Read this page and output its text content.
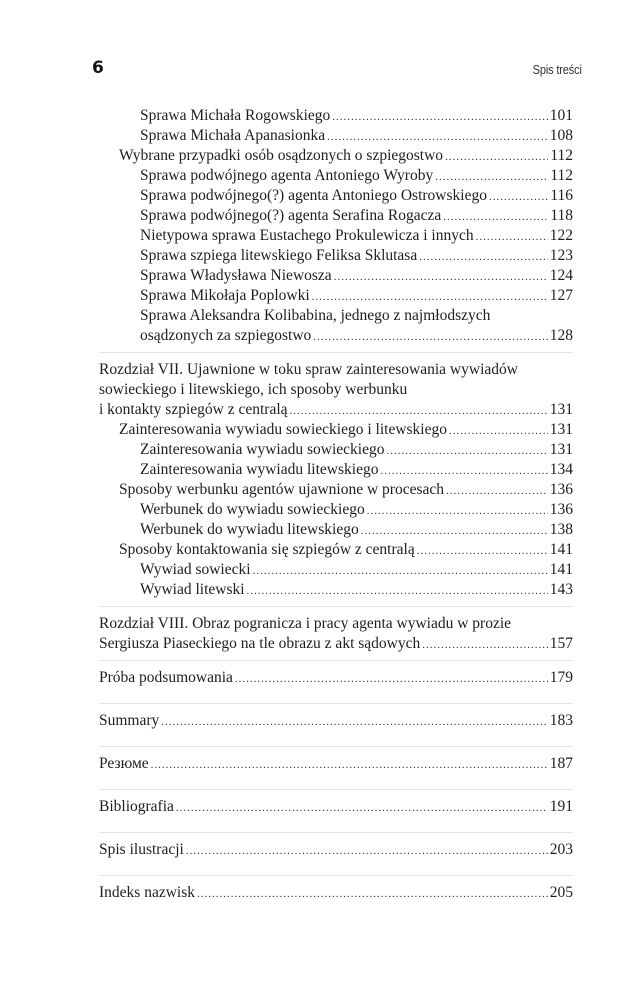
6	Spis treści
Sprawa Michała Rogowskiego .....	101
Sprawa Michała Apanasionka .....	108
Wybrane przypadki osób osądzonych o szpiegostwo .....	112
Sprawa podwójnego agenta Antoniego Wyroby .....	112
Sprawa podwójnego(?) agenta Antoniego Ostrowskiego .....	116
Sprawa podwójnego(?) agenta Serafina Rogacza .....	118
Nietypowa sprawa Eustachego Prokulewicza i innych .....	122
Sprawa szpiega litewskiego Feliksa Sklutasa .....	123
Sprawa Władysława Niewosza .....	124
Sprawa Mikołaja Poplowki .....	127
Sprawa Aleksandra Kolibabina, jednego z najmłodszych
osądzonych za szpiegostwo .....	128
Rozdział VII. Ujawnione w toku spraw zainteresowania wywiadów
sowieckiego i litewskiego, ich sposoby werbunku
i kontakty szpiegów z centralą .....	131
Zainteresowania wywiadu sowieckiego i litewskiego .....	131
Zainteresowania wywiadu sowieckiego .....	131
Zainteresowania wywiadu litewskiego .....	134
Sposoby werbunku agentów ujawnione w procesach .....	136
Werbunek do wywiadu sowieckiego .....	136
Werbunek do wywiadu litewskiego .....	138
Sposoby kontaktowania się szpiegów z centralą .....	141
Wywiad sowiecki .....	141
Wywiad litewski .....	143
Rozdział VIII. Obraz pogranicza i pracy agenta wywiadu w prozie
Sergiusza Piaseckiego na tle obrazu z akt sądowych .....	157
Próba podsumowania .....	179
Summary .....	183
Резюме .....	187
Bibliografia .....	191
Spis ilustracji .....	203
Indeks nazwisk .....	205
